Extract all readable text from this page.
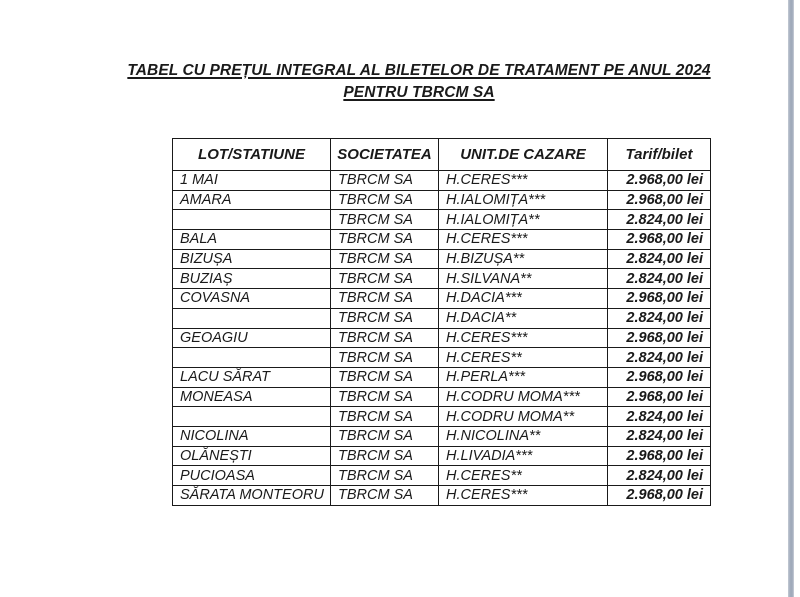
TABEL CU PREȚUL INTEGRAL AL BILETELOR DE TRATAMENT PE ANUL 2024
PENTRU TBRCM SA
LOT/STATIUNE	SOCIETATEA	UNIT.DE CAZARE	Tarif/bilet
1 MAI	TBRCM SA	H.CERES***	2.968,00 lei
AMARA	TBRCM SA	H.IALOMIȚA***	2.968,00 lei
	TBRCM SA	H.IALOMIȚA**	2.824,00 lei
BALA	TBRCM SA	H.CERES***	2.968,00 lei
BIZUȘA	TBRCM SA	H.BIZUȘA**	2.824,00 lei
BUZIAȘ	TBRCM SA	H.SILVANA**	2.824,00 lei
COVASNA	TBRCM SA	H.DACIA***	2.968,00 lei
	TBRCM SA	H.DACIA**	2.824,00 lei
GEOAGIU	TBRCM SA	H.CERES***	2.968,00 lei
	TBRCM SA	H.CERES**	2.824,00 lei
LACU SĂRAT	TBRCM SA	H.PERLA***	2.968,00 lei
MONEASA	TBRCM SA	H.CODRU MOMA***	2.968,00 lei
	TBRCM SA	H.CODRU MOMA**	2.824,00 lei
NICOLINA	TBRCM SA	H.NICOLINA**	2.824,00 lei
OLĂNEȘTI	TBRCM SA	H.LIVADIA***	2.968,00 lei
PUCIOASA	TBRCM SA	H.CERES**	2.824,00 lei
SĂRATA MONTEORU	TBRCM SA	H.CERES***	2.968,00 lei
